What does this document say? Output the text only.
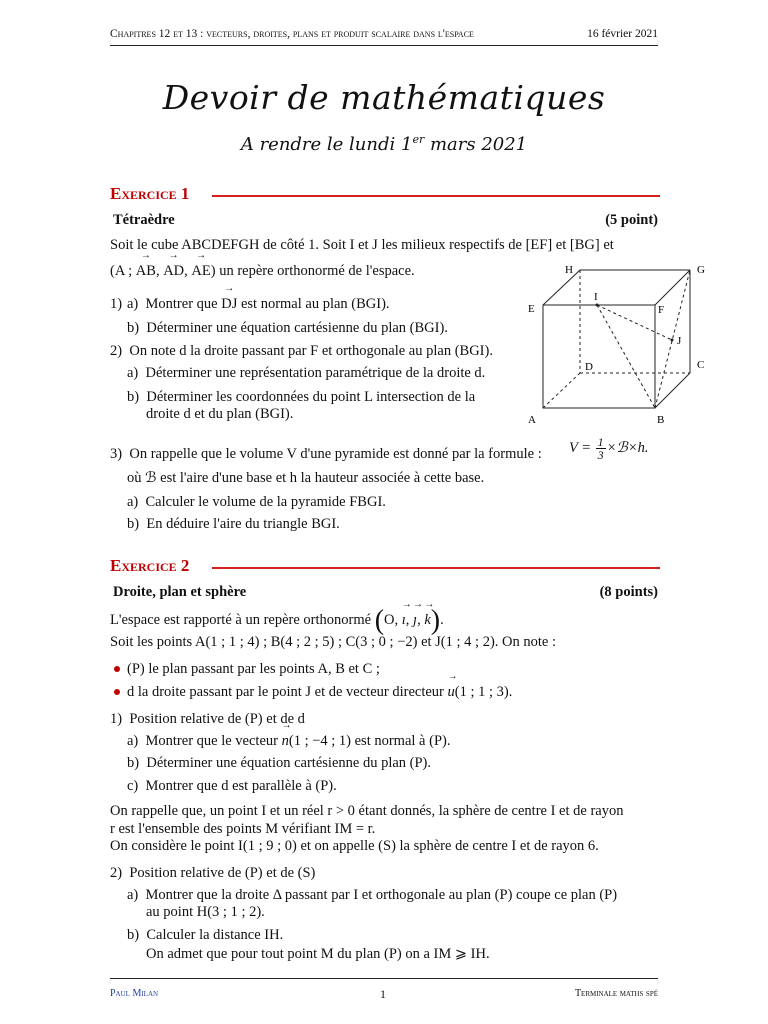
Chapitres 12 et 13 : vecteurs, droites, plans et produit scalaire dans l'espace	16 février 2021
Devoir de mathématiques
A rendre le lundi 1er mars 2021
Exercice 1
Tétraèdre	(5 point)
Soit le cube ABCDEFGH de côté 1. Soit I et J les milieux respectifs de [EF] et [BG] et
(A ; → AB, → AD, → AE) un repère orthonormé de l'espace.
1) a) Montrer que → DJ est normal au plan (BGI).
b) Déterminer une équation cartésienne du plan (BGI).
2) On note d la droite passant par F et orthogonale au plan (BGI).
a) Déterminer une représentation paramétrique de la droite d.
b) Déterminer les coordonnées du point L intersection de la
droite d et du plan (BGI).
H	G
I
E	F
J
D	C
A	B
3) On rappelle que le volume V d'une pyramide est donné par la formule : $V = \frac{1}{3}$ ×ℬ×h.
où ℬ est l'aire d'une base et h la hauteur associée à cette base.
a) Calculer le volume de la pyramide FBGI.
b) En déduire l'aire du triangle BGI.
Exercice 2
Droite, plan et sphère	(8 points)
L'espace est rapporté à un repère orthonormé (O, → ı, → ȷ, → k).
Soit les points A(1 ; 1 ; 4) ; B(4 ; 2 ; 5) ; C(3 ; 0 ; −2) et J(1 ; 4 ; 2). On note :
(P) le plan passant par les points A, B et C ;
d la droite passant par le point J et de vecteur directeur → u(1 ; 1 ; 3).
1) Position relative de (P) et de d
a) Montrer que le vecteur → n(1 ; −4 ; 1) est normal à (P).
b) Déterminer une équation cartésienne du plan (P).
c) Montrer que d est parallèle à (P).
On rappelle que, un point I et un réel r > 0 étant donnés, la sphère de centre I et de rayon
r est l'ensemble des points M vérifiant IM = r.
On considère le point I(1 ; 9 ; 0) et on appelle (S) la sphère de centre I et de rayon 6.
2) Position relative de (P) et de (S)
a) Montrer que la droite Δ passant par I et orthogonale au plan (P) coupe ce plan (P)
au point H(3 ; 1 ; 2).
b) Calculer la distance IH.
On admet que pour tout point M du plan (P) on a IM ⩾ IH.
Paul Milan	1	Terminale maths spé
